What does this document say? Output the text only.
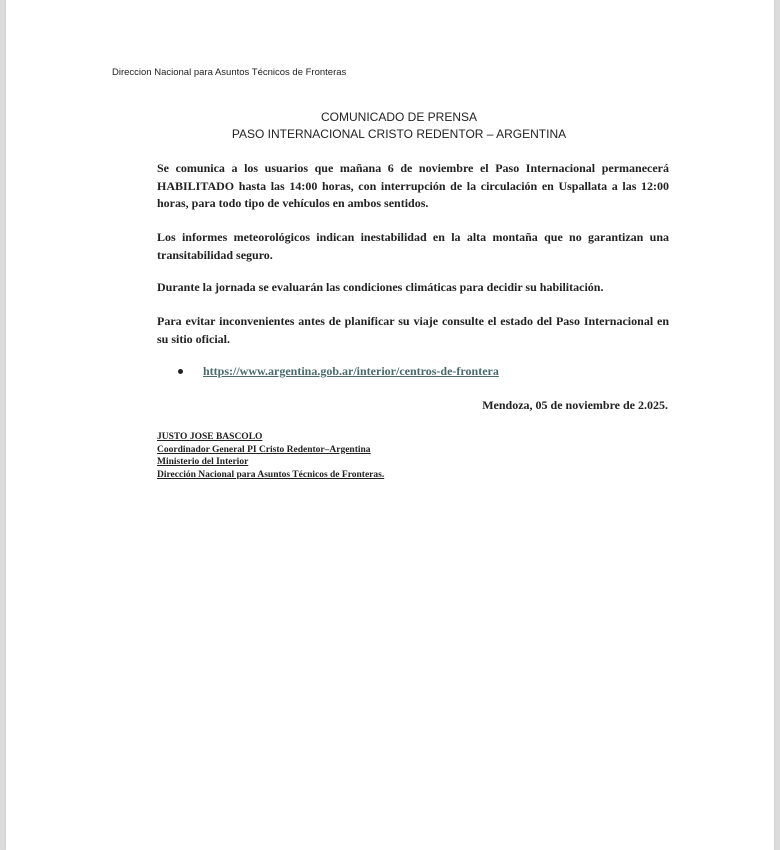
Direccion Nacional para Asuntos Técnicos de Fronteras
COMUNICADO DE PRENSA
PASO INTERNACIONAL CRISTO REDENTOR – ARGENTINA
Se comunica a los usuarios que mañana 6 de noviembre el Paso Internacional permanecerá HABILITADO hasta las 14:00 horas, con interrupción de la circulación en Uspallata a las 12:00 horas, para todo tipo de vehículos en ambos sentidos.
Los informes meteorológicos indican inestabilidad en la alta montaña que no garantizan una transitabilidad seguro.
Durante la jornada se evaluarán las condiciones climáticas para decidir su habilitación.
Para evitar inconvenientes antes de planificar su viaje consulte el estado del Paso Internacional en su sitio oficial.
https://www.argentina.gob.ar/interior/centros-de-frontera
Mendoza, 05 de noviembre de 2.025.
JUSTO JOSE BASCOLO
Coordinador General PI Cristo Redentor–Argentina
Ministerio del Interior
Dirección Nacional para Asuntos Técnicos de Fronteras.
